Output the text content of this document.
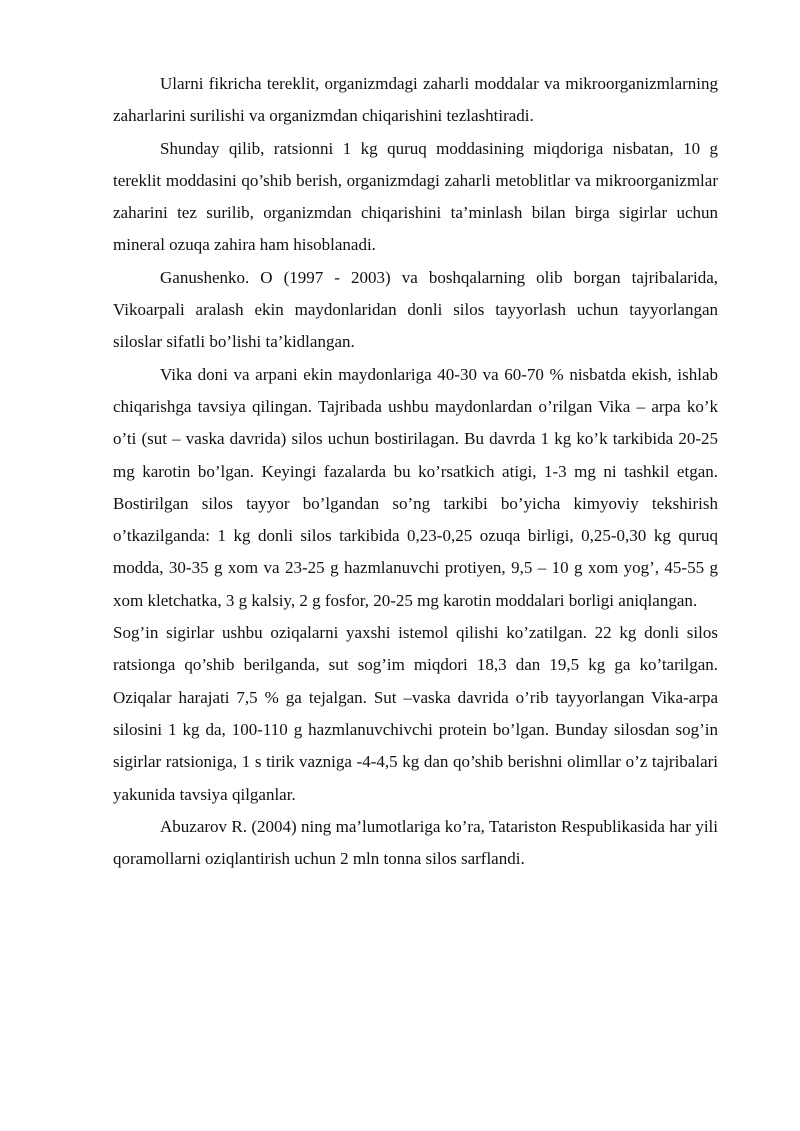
Ularni fikricha tereklit, organizmdagi zaharli moddalar va mikroorganizmlarning zaharlarini surilishi va organizmdan chiqarishini tezlashtiradi.

Shunday qilib, ratsionni 1 kg quruq moddasining miqdoriga nisbatan, 10 g tereklit moddasini qo’shib berish, organizmdagi zaharli metoblitlar va mikroorganizmlar zaharini tez surilib, organizmdan chiqarishini ta’minlash bilan birga sigirlar uchun mineral ozuqa zahira ham hisoblanadi.

Ganushenko. O (1997 - 2003) va boshqalarning olib borgan tajribalarida, Vikoarpali aralash ekin maydonlaridan donli silos tayyorlash uchun tayyorlangan siloslar sifatli bo’lishi ta’kidlangan.

Vika doni va arpani ekin maydonlariga 40-30 va 60-70 % nisbatda ekish, ishlab chiqarishga tavsiya qilingan. Tajribada ushbu maydonlardan o’rilgan Vika – arpa ko’k o’ti (sut – vaska davrida) silos uchun bostirilagan. Bu davrda 1 kg ko’k tarkibida 20-25 mg karotin bo’lgan. Keyingi fazalarda bu ko’rsatkich atigi, 1-3 mg ni tashkil etgan. Bostirilgan silos tayyor bo’lgandan so’ng tarkibi bo’yicha kimyoviy tekshirish o’tkazilganda: 1 kg donli silos tarkibida 0,23-0,25 ozuqa birligi, 0,25-0,30 kg quruq modda, 30-35 g xom va 23-25 g hazmlanuvchi protiyen, 9,5 – 10 g xom yog’, 45-55 g xom kletchatka, 3 g kalsiy, 2 g fosfor, 20-25 mg karotin moddalari borligi aniqlangan.

Sog’in sigirlar ushbu oziqalarni yaxshi istemol qilishi ko’zatilgan. 22 kg donli silos ratsionga qo’shib berilganda, sut sog’im miqdori 18,3 dan 19,5 kg ga ko’tarilgan. Oziqalar harajati 7,5 % ga tejalgan. Sut –vaska davrida o’rib tayyorlangan Vika-arpa silosini 1 kg da, 100-110 g hazmlanuvchivchi protein bo’lgan. Bunday silosdan sog’in sigirlar ratsioniga, 1 s tirik vazniga -4-4,5 kg dan qo’shib berishni olimllar o’z tajribalari yakunida tavsiya qilganlar.

Abuzarov R. (2004) ning ma’lumotlariga ko’ra, Tatariston Respublikasida har yili qoramollarni oziqlantirish uchun 2 mln tonna silos sarflandi.
